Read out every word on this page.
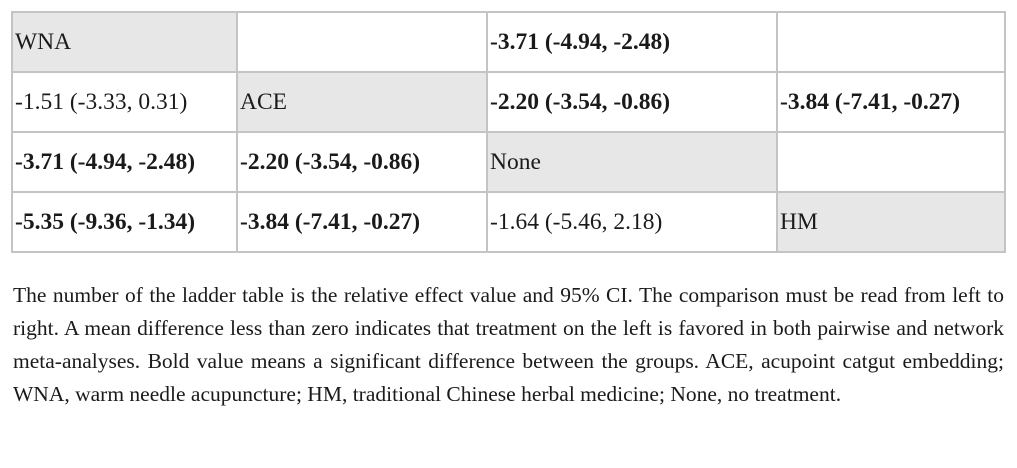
WNA		-3.71 (-4.94, -2.48)	
-1.51 (-3.33, 0.31)	ACE	-2.20 (-3.54, -0.86)	-3.84 (-7.41, -0.27)
-3.71 (-4.94, -2.48)	-2.20 (-3.54, -0.86)	None	
-5.35 (-9.36, -1.34)	-3.84 (-7.41, -0.27)	-1.64 (-5.46, 2.18)	HM

The number of the ladder table is the relative effect value and 95% CI. The comparison must be read from left to right. A mean difference less than zero indicates that treatment on the left is favored in both pairwise and network meta-analyses. Bold value means a significant difference between the groups. ACE, acupoint catgut embedding; WNA, warm needle acupuncture; HM, traditional Chinese herbal medicine; None, no treatment.
